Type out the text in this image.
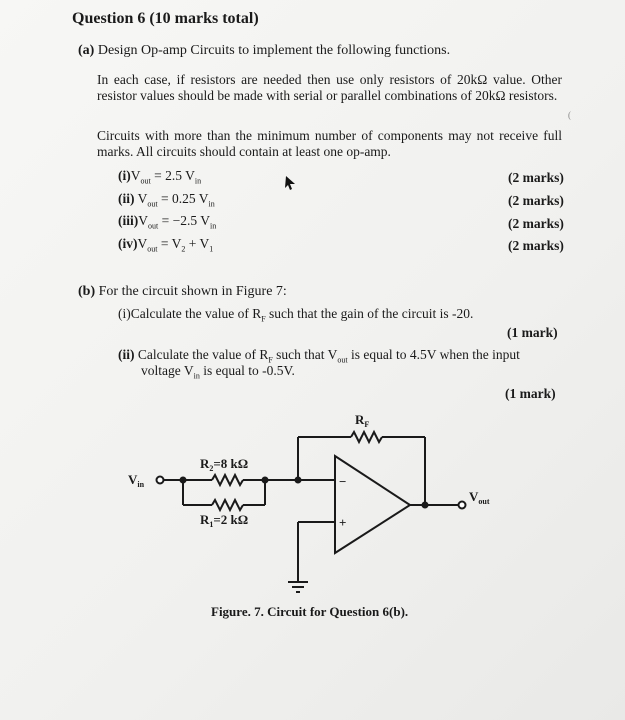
Question 6 (10 marks total)
(a) Design Op-amp Circuits to implement the following functions.
In each case, if resistors are needed then use only resistors of 20kΩ value. Other resistor values should be made with serial or parallel combinations of 20kΩ resistors.
Circuits with more than the minimum number of components may not receive full marks. All circuits should contain at least one op-amp.
$(i)V_{out} = 2.5$ $V_{in}$	(2 marks)
(ii) $V_{out} = 0.25$ $V_{in}$	(2 marks)
$(iii)V_{out} = -2.5$ $V_{in}$	(2 marks)
$(iv)V_{out} = V_2 + V_1$	(2 marks)
(
(b) For the circuit shown in Figure 7:
(i)Calculate the value of $R_F$ such that the gain of the circuit is -20.
(1 mark)
(ii) Calculate the value of $R_F$ such that $V_{out}$ is equal to 4.5V when the input
voltage $V_{in}$ is equal to -0.5V.
(1 mark)
$R_F$
$R_2=8$ kΩ
$R_1=2$ kΩ
$V_{in}$
$V_{out}$
−
+
Figure. 7. Circuit for Question 6(b).
